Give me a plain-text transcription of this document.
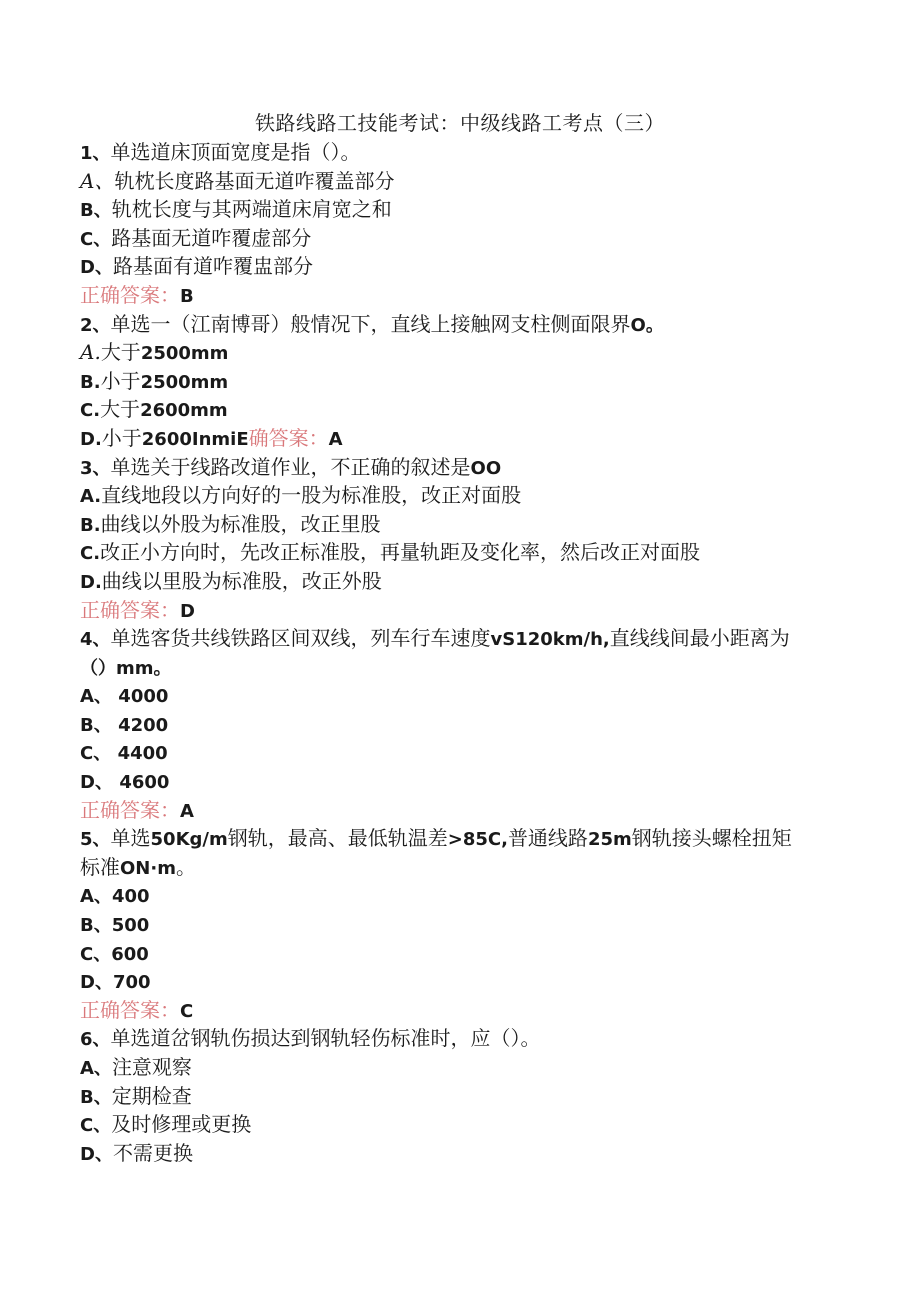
铁路线路工技能考试：中级线路工考点（三）
1、单选道床顶面宽度是指（）。
A、轨枕长度路基面无道咋覆盖部分
B、轨枕长度与其两端道床肩宽之和
C、路基面无道咋覆虚部分
D、路基面有道咋覆盅部分
正确答案：B
2、单选一（江南博哥）般情况下，直线上接触网支柱侧面限界O。
A.大于2500mm
B.小于2500mm
C.大于2600mm
D.小于2600InmiE确答案：A
3、单选关于线路改道作业，不正确的叙述是OO
A.直线地段以方向好的一股为标准股，改正对面股
B.曲线以外股为标准股，改正里股
C.改正小方向时，先改正标准股，再量轨距及变化率，然后改正对面股
D.曲线以里股为标准股，改正外股
正确答案：D
4、单选客货共线铁路区间双线，列车行车速度vS120km/h,直线线间最小距离为
（）mm。
A、 4000
B、 4200
C、 4400
D、 4600
正确答案：A
5、单选50Kg/m钢轨，最高、最低轨温差>85C,普通线路25m钢轨接头螺栓扭矩
标准ON·m。
A、400
B、500
C、600
D、700
正确答案：C
6、单选道岔钢轨伤损达到钢轨轻伤标准时，应（）。
A、注意观察
B、定期检查
C、及时修理或更换
D、不需更换
